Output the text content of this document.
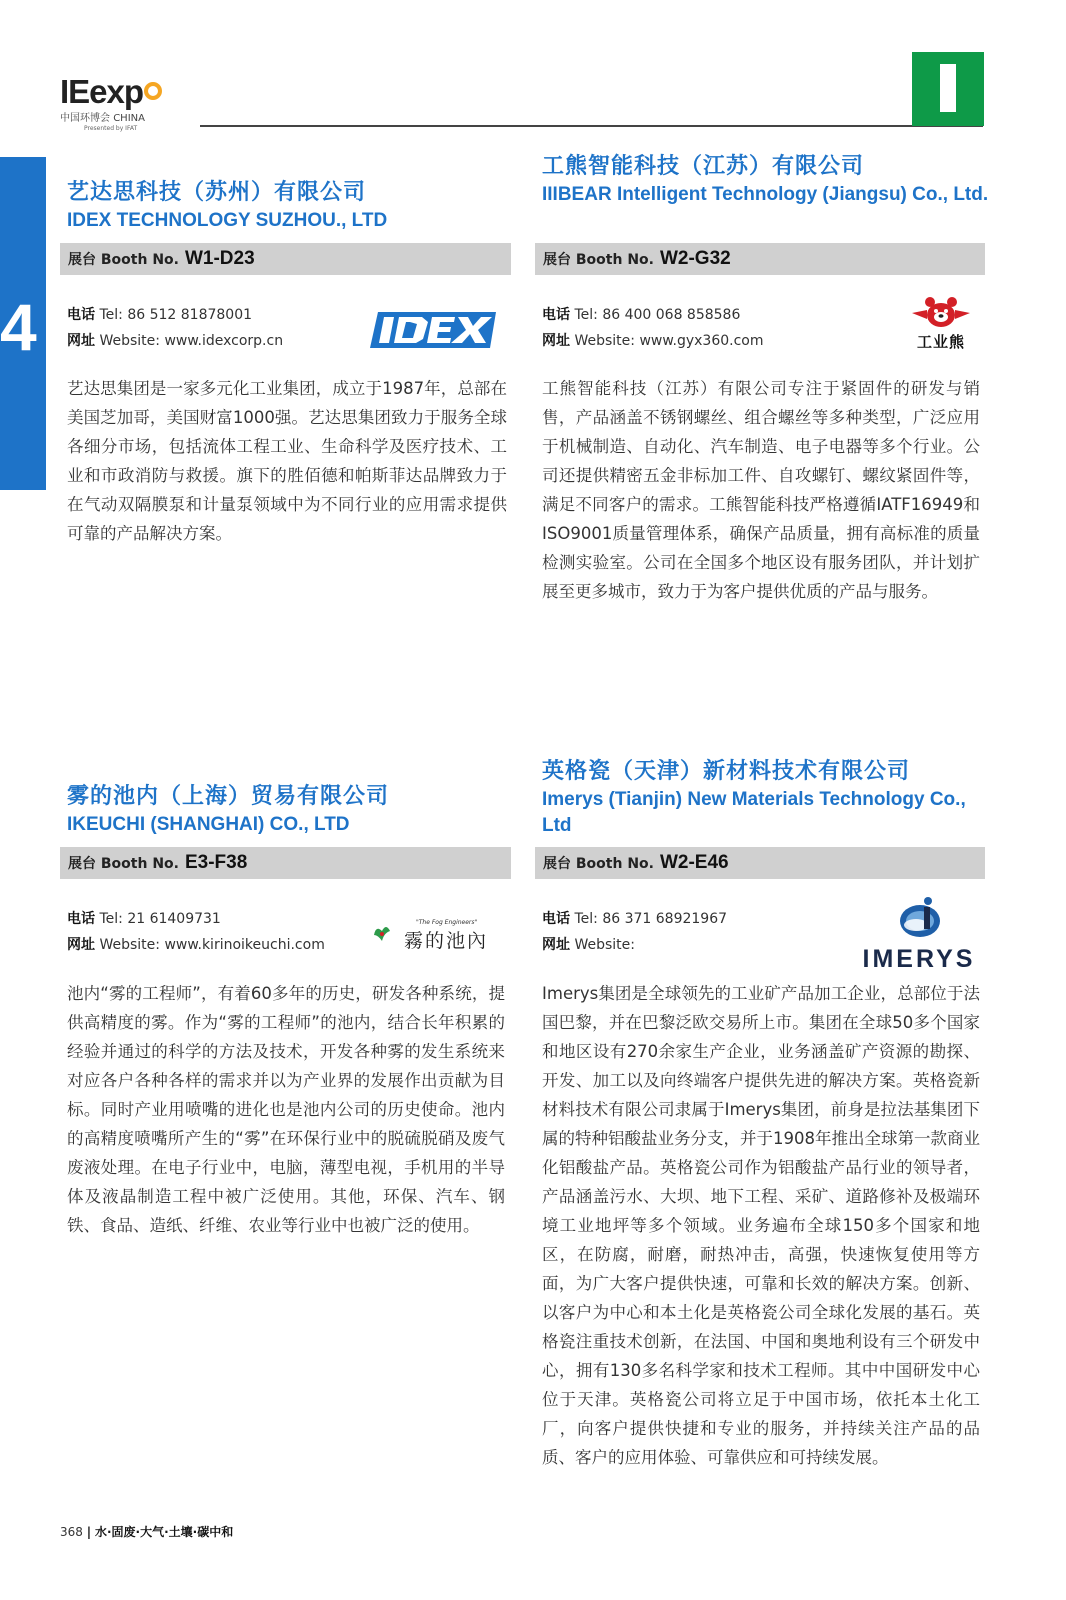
IEexp
中国环博会 CHINA
Presented by IFAT
4
艺达思科技（苏州）有限公司
IDEX TECHNOLOGY SUZHOU., LTD
展台 Booth No. W1-D23
电话 Tel: 86 512 81878001
网址 Website: www.idexcorp.cn
艺达思集团是一家多元化工业集团，成立于1987年，总部在美国芝加哥，美国财富1000强。艺达思集团致力于服务全球各细分市场，包括流体工程工业、生命科学及医疗技术、工业和市政消防与救援。旗下的胜佰德和帕斯菲达品牌致力于在气动双隔膜泵和计量泵领域中为不同行业的应用需求提供可靠的产品解决方案。
工熊智能科技（江苏）有限公司
IIIBEAR Intelligent Technology (Jiangsu) Co., Ltd.
展台 Booth No. W2-G32
电话 Tel: 86 400 068 858586
网址 Website: www.gyx360.com	工业熊
工熊智能科技（江苏）有限公司专注于紧固件的研发与销售，产品涵盖不锈钢螺丝、组合螺丝等多种类型，广泛应用于机械制造、自动化、汽车制造、电子电器等多个行业。公司还提供精密五金非标加工件、自攻螺钉、螺纹紧固件等，满足不同客户的需求。工熊智能科技严格遵循IATF16949和ISO9001质量管理体系，确保产品质量，拥有高标准的质量检测实验室。公司在全国多个地区设有服务团队，并计划扩展至更多城市，致力于为客户提供优质的产品与服务。
雾的池内（上海）贸易有限公司
IKEUCHI (SHANGHAI) CO., LTD
展台 Booth No. E3-F38
电话 Tel: 21 61409731
网址 Website: www.kirinoikeuchi.com
"The Fog Engineers"
霧的池內
池内“雾的工程师”，有着60多年的历史，研发各种系统，提供高精度的雾。作为“雾的工程师”的池内，结合长年积累的经验并通过的科学的方法及技术，开发各种雾的发生系统来对应各户各种各样的需求并以为产业界的发展作出贡献为目标。同时产业用喷嘴的进化也是池内公司的历史使命。池内的高精度喷嘴所产生的“雾”在环保行业中的脱硫脱硝及废气废液处理。在电子行业中，电脑，薄型电视，手机用的半导体及液晶制造工程中被广泛使用。其他，环保、汽车、钢铁、食品、造纸、纤维、农业等行业中也被广泛的使用。
英格瓷（天津）新材料技术有限公司
Imerys (Tianjin) New Materials Technology Co., Ltd
展台 Booth No. W2-E46
电话 Tel: 86 371 68921967
网址 Website:	IMERYS
Imerys集团是全球领先的工业矿产品加工企业，总部位于法国巴黎，并在巴黎泛欧交易所上市。集团在全球50多个国家和地区设有270余家生产企业，业务涵盖矿产资源的勘探、开发、加工以及向终端客户提供先进的解决方案。英格瓷新材料技术有限公司隶属于Imerys集团，前身是拉法基集团下属的特种铝酸盐业务分支，并于1908年推出全球第一款商业化铝酸盐产品。英格瓷公司作为铝酸盐产品行业的领导者，产品涵盖污水、大坝、地下工程、采矿、道路修补及极端环境工业地坪等多个领域。业务遍布全球150多个国家和地区，在防腐，耐磨，耐热冲击，高强，快速恢复使用等方面，为广大客户提供快速，可靠和长效的解决方案。创新、以客户为中心和本土化是英格瓷公司全球化发展的基石。英格瓷注重技术创新，在法国、中国和奥地利设有三个研发中心，拥有130多名科学家和技术工程师。其中中国研发中心位于天津。英格瓷公司将立足于中国市场，依托本土化工厂，向客户提供快捷和专业的服务，并持续关注产品的品质、客户的应用体验、可靠供应和可持续发展。
368 | 水·固废·大气·土壤·碳中和
